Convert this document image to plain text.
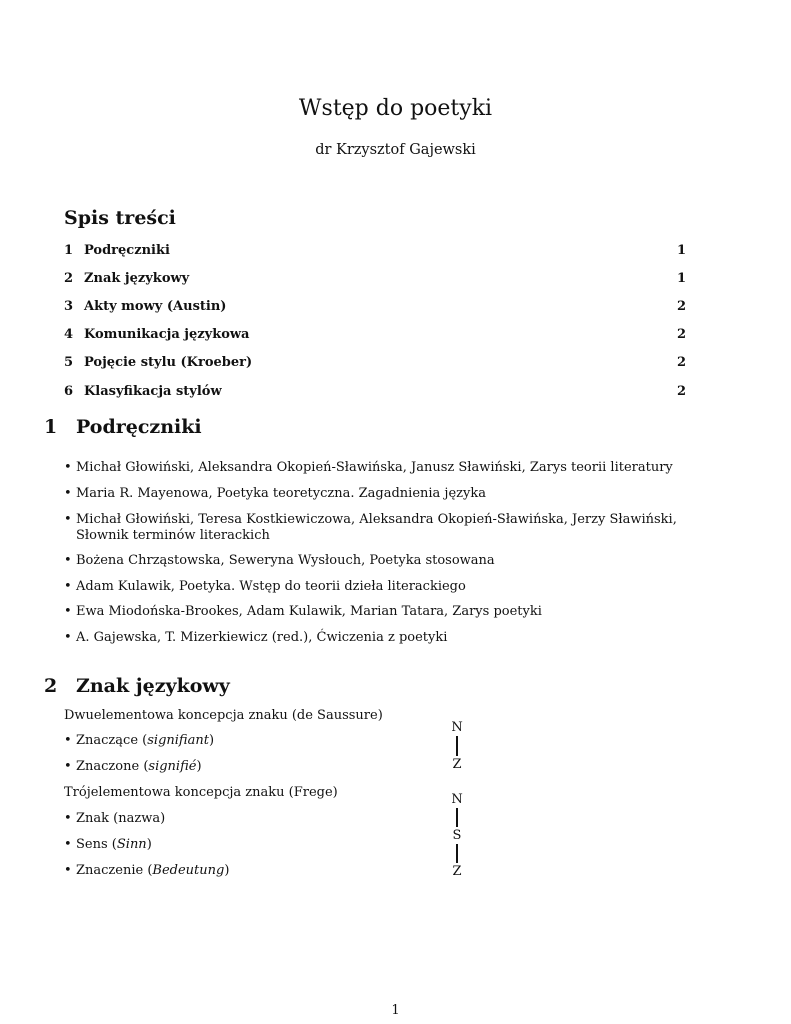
Wstęp do poetyki
dr Krzysztof Gajewski
Spis treści
1 Podręczniki	1
2 Znak językowy	1
3 Akty mowy (Austin)	2
4 Komunikacja językowa	2
5 Pojęcie stylu (Kroeber)	2
6 Klasyfikacja stylów	2
1 Podręczniki
• Michał Głowiński, Aleksandra Okopień-Sławińska, Janusz Sławiński, Zarys teorii literatury
• Maria R. Mayenowa, Poetyka teoretyczna. Zagadnienia języka
• Michał Głowiński, Teresa Kostkiewiczowa, Aleksandra Okopień-Sławińska, Jerzy Sławiński, Słownik terminów literackich
• Bożena Chrząstowska, Seweryna Wysłouch, Poetyka stosowana
• Adam Kulawik, Poetyka. Wstęp do teorii dzieła literackiego
• Ewa Miodońska-Brookes, Adam Kulawik, Marian Tatara, Zarys poetyki
• A. Gajewska, T. Mizerkiewicz (red.), Ćwiczenia z poetyki
2 Znak językowy
Dwuelementowa koncepcja znaku (de Saussure)
• Znaczące (signifiant)
• Znaczone (signifié)
Trójelementowa koncepcja znaku (Frege)
• Znak (nazwa)
• Sens (Sinn)
• Znaczenie (Bedeutung)
N
Z
N
S
Z
1
